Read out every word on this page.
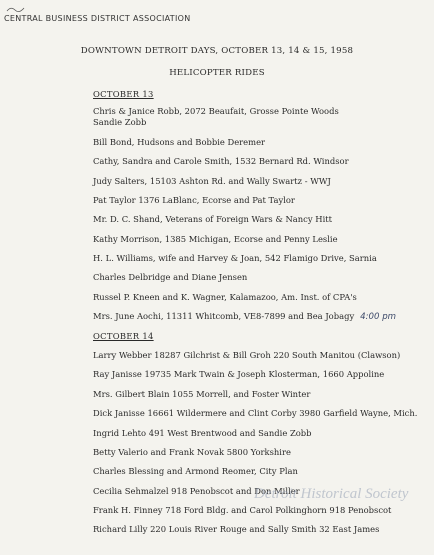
CENTRAL BUSINESS DISTRICT ASSOCIATION
DOWNTOWN DETROIT DAYS, OCTOBER 13, 14 & 15, 1958
HELICOPTER RIDES
OCTOBER 13
Chris & Janice Robb, 2072 Beaufait, Grosse Pointe Woods
Sandie Zobb
Bill Bond, Hudsons and Bobbie Deremer
Cathy, Sandra and Carole Smith, 1532 Bernard Rd. Windsor
Judy Salters, 15103 Ashton Rd. and Wally Swartz - WWJ
Pat Taylor 1376 LaBlanc, Ecorse and Pat Taylor
Mr. D. C. Shand, Veterans of Foreign Wars & Nancy Hitt
Kathy Morrison, 1385 Michigan, Ecorse and Penny Leslie
H. L. Williams, wife and Harvey & Joan, 542 Flamigo Drive, Sarnia
Charles Delbridge and Diane Jensen
Russel P. Kneen and K. Wagner, Kalamazoo, Am. Inst. of CPA's
Mrs. June Aochi, 11311 Whitcomb, VE8-7899 and Bea Jobagy 4:00 pm
OCTOBER 14
Larry Webber 18287 Gilchrist & Bill Groh 220 South Manitou (Clawson)
Ray Janisse 19735 Mark Twain & Joseph Klosterman, 1660 Appoline
Mrs. Gilbert Blain 1055 Morrell, and Foster Winter
Dick Janisse 16661 Wildermere and Clint Corby 3980 Garfield Wayne, Mich.
Ingrid Lehto 491 West Brentwood and Sandie Zobb
Betty Valerio and Frank Novak 5800 Yorkshire
Charles Blessing and Armond Reomer, City Plan
Cecilia Sehmalzel 918 Penobscot and Don Miller
Frank H. Finney 718 Ford Bldg. and Carol Polkinghorn 918 Penobscot
Richard Lilly 220 Louis River Rouge and Sally Smith 32 East James
Detroit Historical Society
